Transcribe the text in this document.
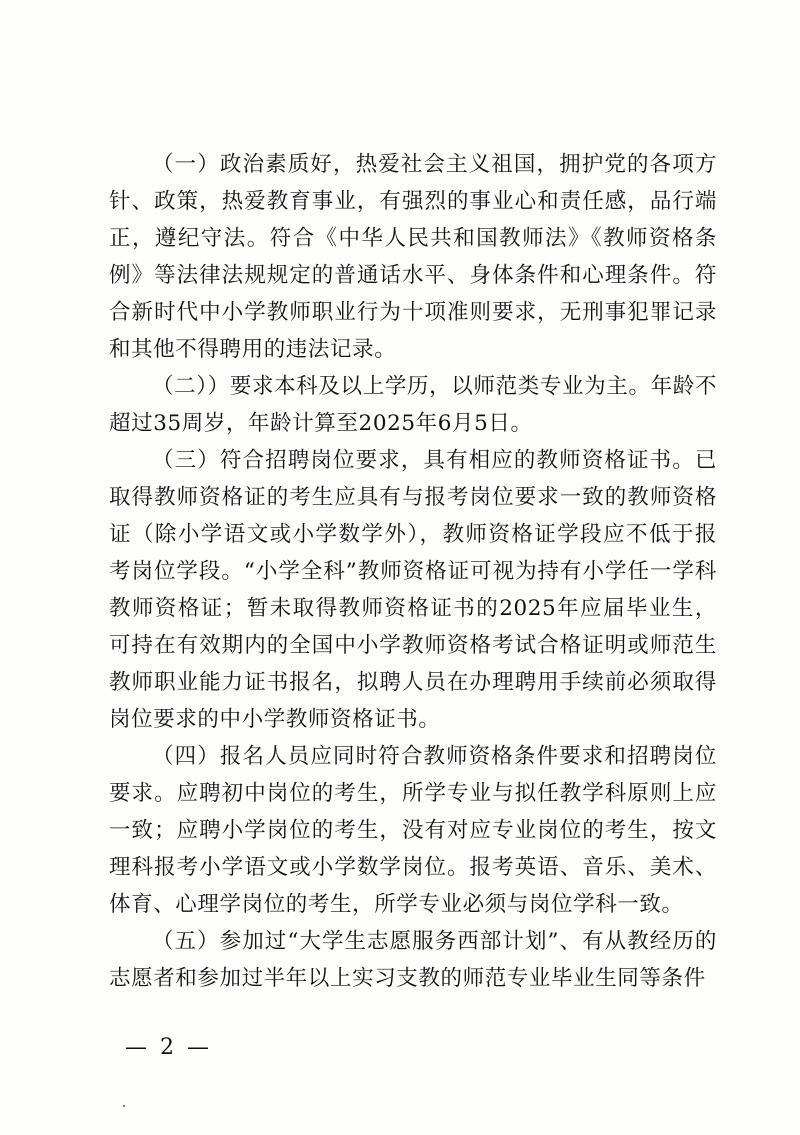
（一）政治素质好，热爱社会主义祖国，拥护党的各项方针、政策，热爱教育事业，有强烈的事业心和责任感，品行端正，遵纪守法。符合《中华人民共和国教师法》《教师资格条例》等法律法规规定的普通话水平、身体条件和心理条件。符合新时代中小学教师职业行为十项准则要求，无刑事犯罪记录和其他不得聘用的违法记录。

（二））要求本科及以上学历，以师范类专业为主。年龄不超过35周岁，年龄计算至2025年6月5日。

（三）符合招聘岗位要求，具有相应的教师资格证书。已取得教师资格证的考生应具有与报考岗位要求一致的教师资格证（除小学语文或小学数学外），教师资格证学段应不低于报考岗位学段。“小学全科”教师资格证可视为持有小学任一学科教师资格证；暂未取得教师资格证书的2025年应届毕业生，可持在有效期内的全国中小学教师资格考试合格证明或师范生教师职业能力证书报名，拟聘人员在办理聘用手续前必须取得岗位要求的中小学教师资格证书。

（四）报名人员应同时符合教师资格条件要求和招聘岗位要求。应聘初中岗位的考生，所学专业与拟任教学科原则上应一致；应聘小学岗位的考生，没有对应专业岗位的考生，按文理科报考小学语文或小学数学岗位。报考英语、音乐、美术、体育、心理学岗位的考生，所学专业必须与岗位学科一致。

（五）参加过“大学生志愿服务西部计划”、有从教经历的志愿者和参加过半年以上实习支教的师范专业毕业生同等条件

— 2 —
